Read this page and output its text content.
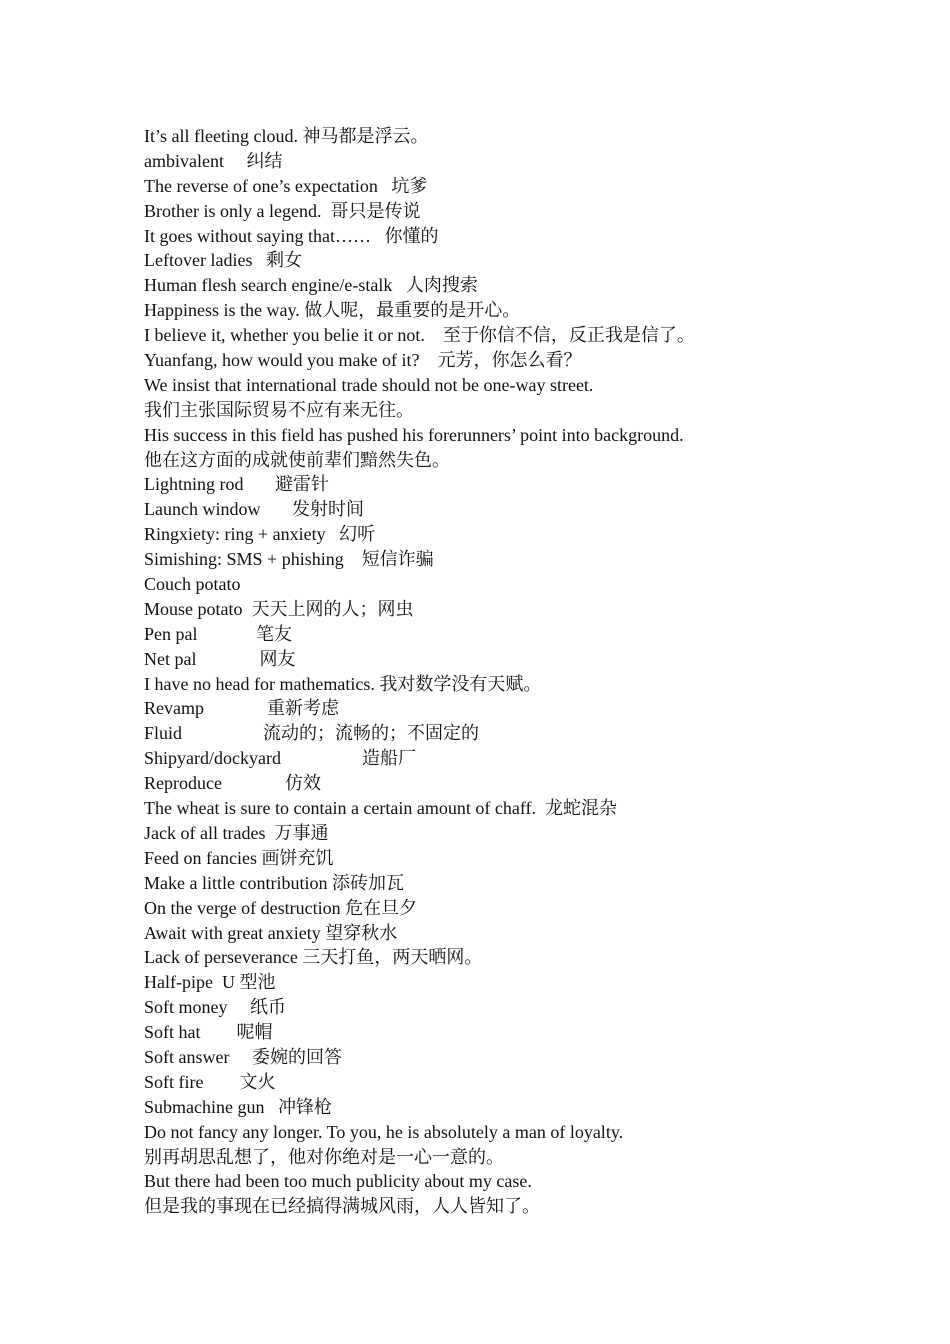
It’s all fleeting cloud. 神马都是浮云。
ambivalent     纠结
The reverse of one’s expectation   坑爹
Brother is only a legend.  哥只是传说
It goes without saying that……   你懂的
Leftover ladies   剩女
Human flesh search engine/e-stalk   人肉搜索
Happiness is the way. 做人呢，最重要的是开心。
I believe it, whether you belie it or not.    至于你信不信，反正我是信了。
Yuanfang, how would you make of it?    元芳，你怎么看？
We insist that international trade should not be one-way street.
我们主张国际贸易不应有来无往。
His success in this field has pushed his forerunners’ point into background.
他在这方面的成就使前辈们黯然失色。
Lightning rod       避雷针
Launch window       发射时间
Ringxiety: ring + anxiety   幻听
Simishing: SMS + phishing    短信诈骗
Couch potato
Mouse potato  天天上网的人；网虫
Pen pal             笔友
Net pal              网友
I have no head for mathematics. 我对数学没有天赋。
Revamp              重新考虑
Fluid                  流动的；流畅的；不固定的
Shipyard/dockyard                  造船厂
Reproduce              仿效
The wheat is sure to contain a certain amount of chaff.  龙蛇混杂
Jack of all trades  万事通
Feed on fancies 画饼充饥
Make a little contribution 添砖加瓦
On the verge of destruction 危在旦夕
Await with great anxiety 望穿秋水
Lack of perseverance 三天打鱼，两天晒网。
Half-pipe  U 型池
Soft money     纸币
Soft hat        呢帽
Soft answer     委婉的回答
Soft fire        文火
Submachine gun   冲锋枪
Do not fancy any longer. To you, he is absolutely a man of loyalty.
别再胡思乱想了，他对你绝对是一心一意的。
But there had been too much publicity about my case.
但是我的事现在已经搞得满城风雨，人人皆知了。
